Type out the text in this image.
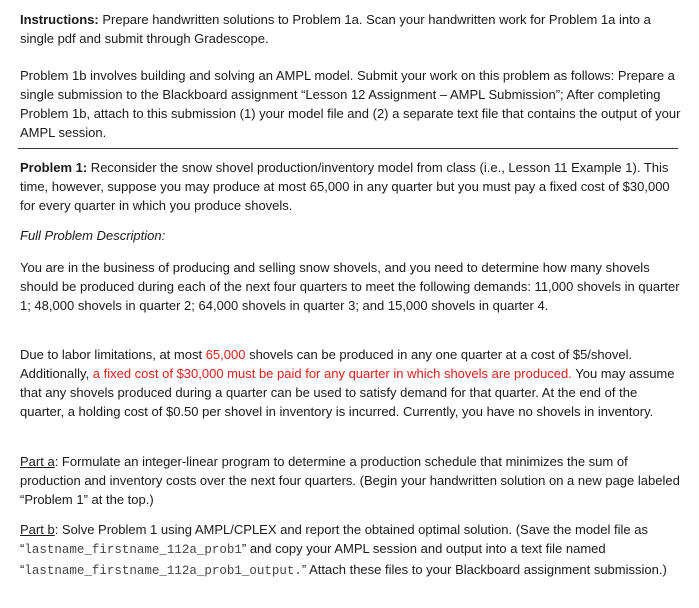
Instructions: Prepare handwritten solutions to Problem 1a. Scan your handwritten work for Problem 1a into a single pdf and submit through Gradescope.

Problem 1b involves building and solving an AMPL model. Submit your work on this problem as follows: Prepare a single submission to the Blackboard assignment “Lesson 12 Assignment – AMPL Submission”; After completing Problem 1b, attach to this submission (1) your model file and (2) a separate text file that contains the output of your AMPL session.

Problem 1: Reconsider the snow shovel production/inventory model from class (i.e., Lesson 11 Example 1). This time, however, suppose you may produce at most 65,000 in any quarter but you must pay a fixed cost of $30,000 for every quarter in which you produce shovels.

Full Problem Description:

You are in the business of producing and selling snow shovels, and you need to determine how many shovels should be produced during each of the next four quarters to meet the following demands: 11,000 shovels in quarter 1; 48,000 shovels in quarter 2; 64,000 shovels in quarter 3; and 15,000 shovels in quarter 4.

Due to labor limitations, at most 65,000 shovels can be produced in any one quarter at a cost of $5/shovel. Additionally, a fixed cost of $30,000 must be paid for any quarter in which shovels are produced. You may assume that any shovels produced during a quarter can be used to satisfy demand for that quarter. At the end of the quarter, a holding cost of $0.50 per shovel in inventory is incurred. Currently, you have no shovels in inventory.

Part a: Formulate an integer-linear program to determine a production schedule that minimizes the sum of production and inventory costs over the next four quarters. (Begin your handwritten solution on a new page labeled “Problem 1” at the top.)

Part b: Solve Problem 1 using AMPL/CPLEX and report the obtained optimal solution. (Save the model file as “lastname_firstname_112a_prob1” and copy your AMPL session and output into a text file named “lastname_firstname_112a_prob1_output.” Attach these files to your Blackboard assignment submission.)
